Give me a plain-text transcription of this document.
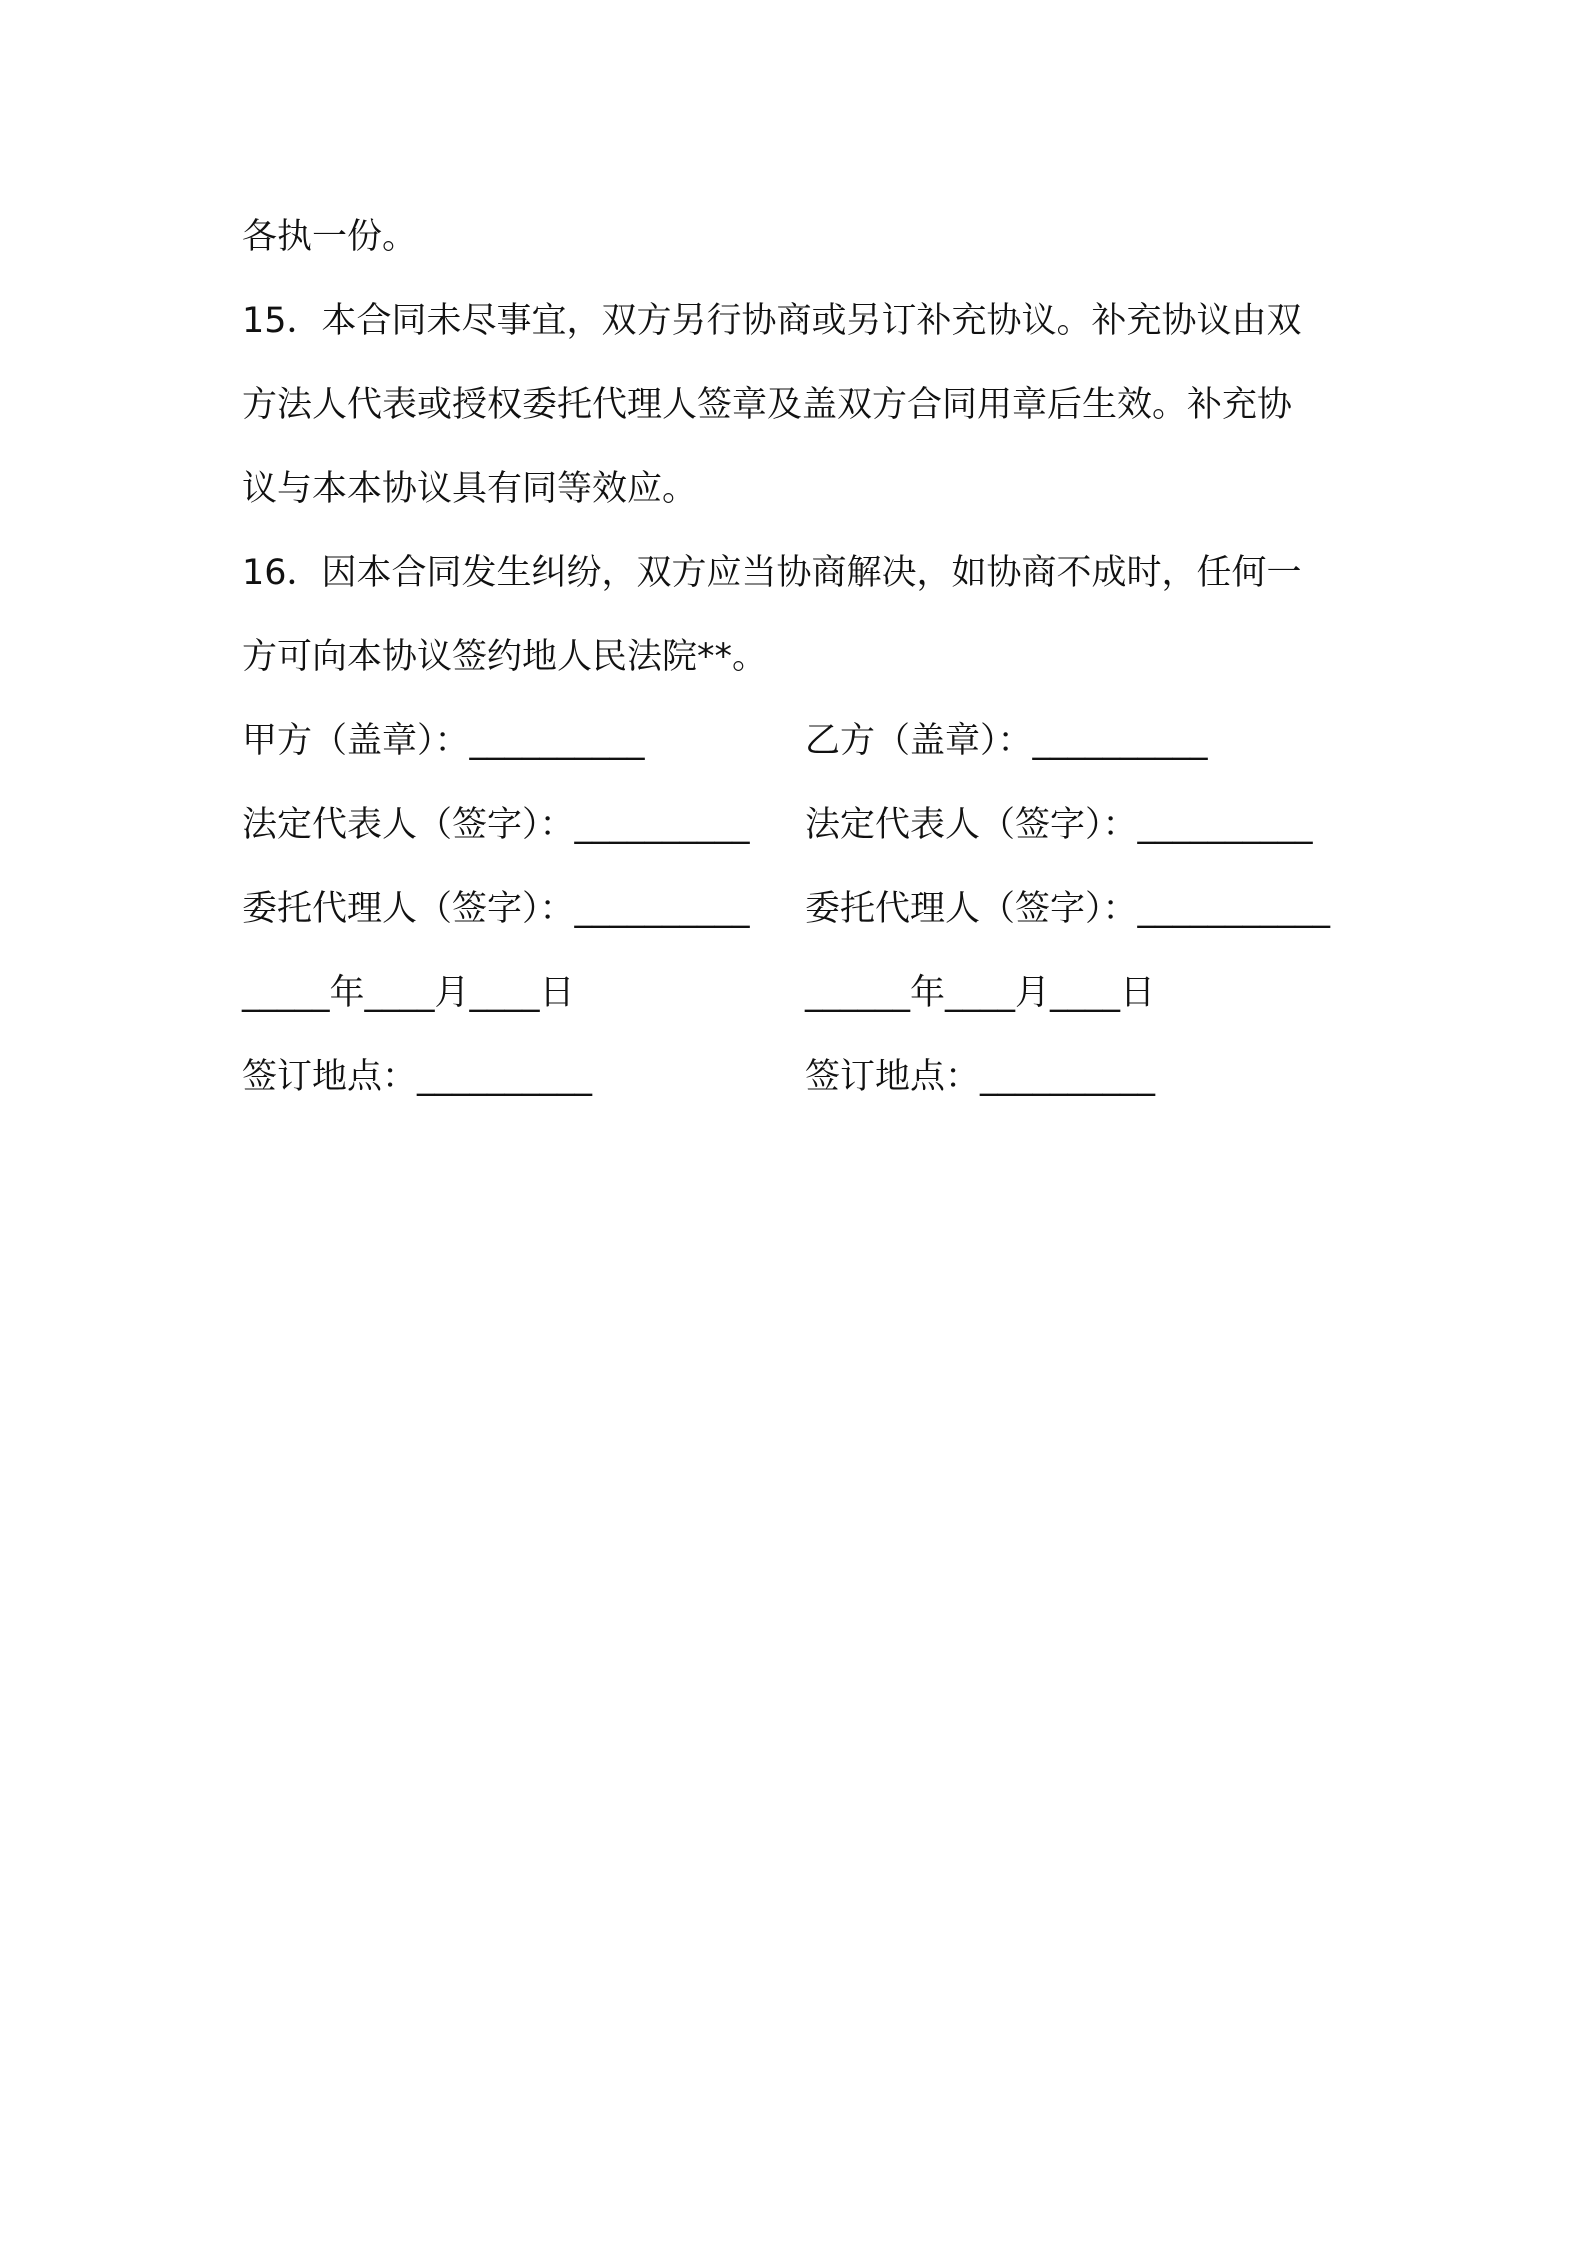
各执一份。

15．本合同未尽事宜，双方另行协商或另订补充协议。补充协议由双
方法人代表或授权委托代理人签章及盖双方合同用章后生效。补充协
议与本本协议具有同等效应。

16．因本合同发生纠纷，双方应当协商解决，如协商不成时，任何一
方可向本协议签约地人民法院**。

甲方（盖章）：__________	乙方（盖章）：__________
法定代表人（签字）：__________	法定代表人（签字）：__________
委托代理人（签字）：__________	委托代理人（签字）：___________
_____年____月____日	______年____月____日
签订地点：__________	签订地点：__________
